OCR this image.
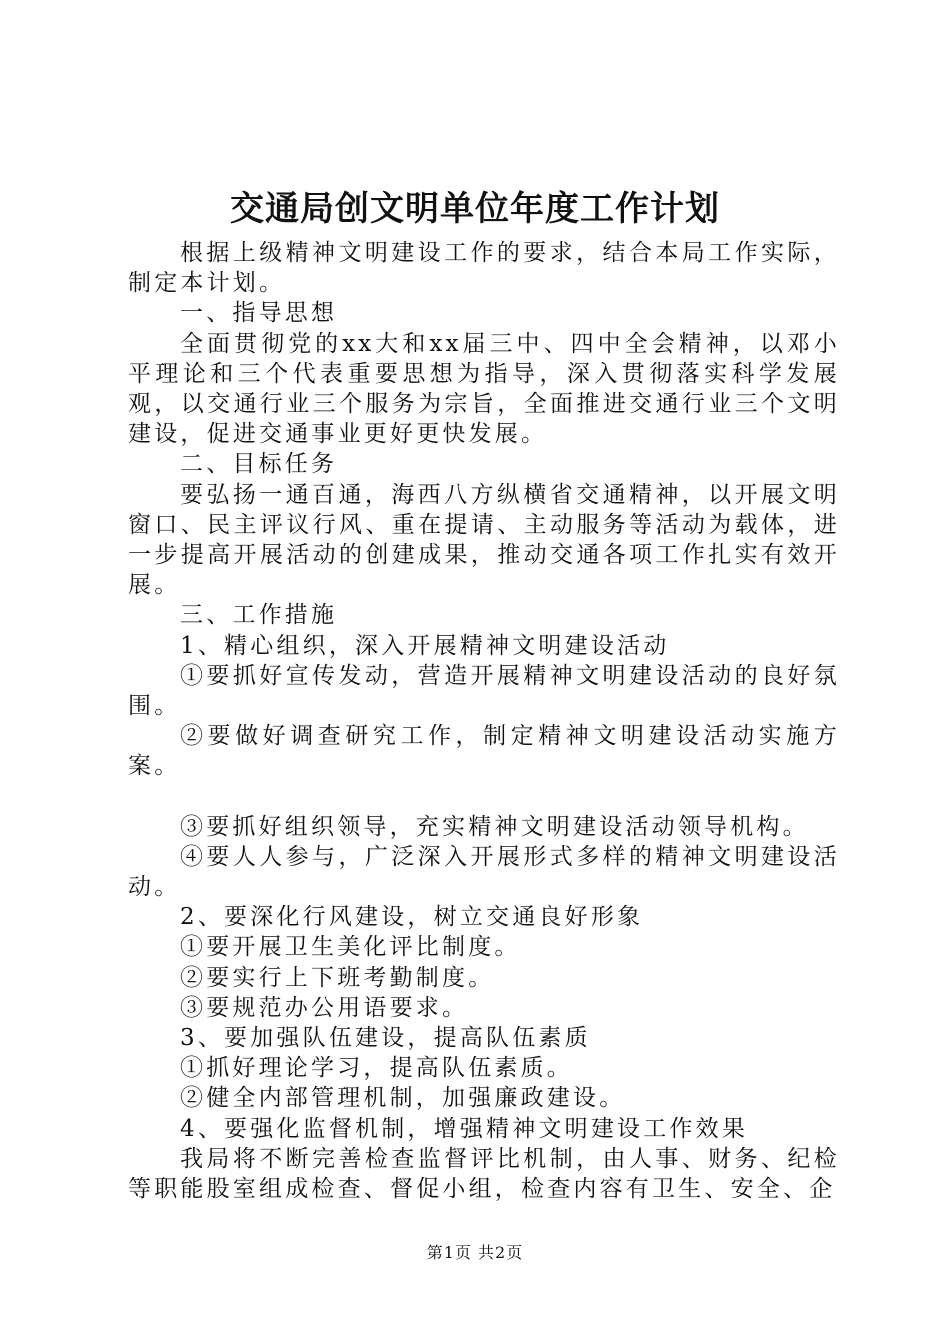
交通局创文明单位年度工作计划

根据上级精神文明建设工作的要求，结合本局工作实际，制定本计划。

一、指导思想

全面贯彻党的xx大和xx届三中、四中全会精神，以邓小平理论和三个代表重要思想为指导，深入贯彻落实科学发展观，以交通行业三个服务为宗旨，全面推进交通行业三个文明建设，促进交通事业更好更快发展。

二、目标任务

要弘扬一通百通，海西八方纵横省交通精神，以开展文明窗口、民主评议行风、重在提请、主动服务等活动为载体，进一步提高开展活动的创建成果，推动交通各项工作扎实有效开展。

三、工作措施

1、精心组织，深入开展精神文明建设活动

①要抓好宣传发动，营造开展精神文明建设活动的良好氛围。

②要做好调查研究工作，制定精神文明建设活动实施方案。

③要抓好组织领导，充实精神文明建设活动领导机构。

④要人人参与，广泛深入开展形式多样的精神文明建设活动。

2、要深化行风建设，树立交通良好形象

①要开展卫生美化评比制度。

②要实行上下班考勤制度。

③要规范办公用语要求。

3、要加强队伍建设，提高队伍素质

①抓好理论学习，提高队伍素质。

②健全内部管理机制，加强廉政建设。

4、要强化监督机制，增强精神文明建设工作效果

我局将不断完善检查监督评比机制，由人事、财务、纪检等职能股室组成检查、督促小组，检查内容有卫生、安全、企

第1页 共2页
